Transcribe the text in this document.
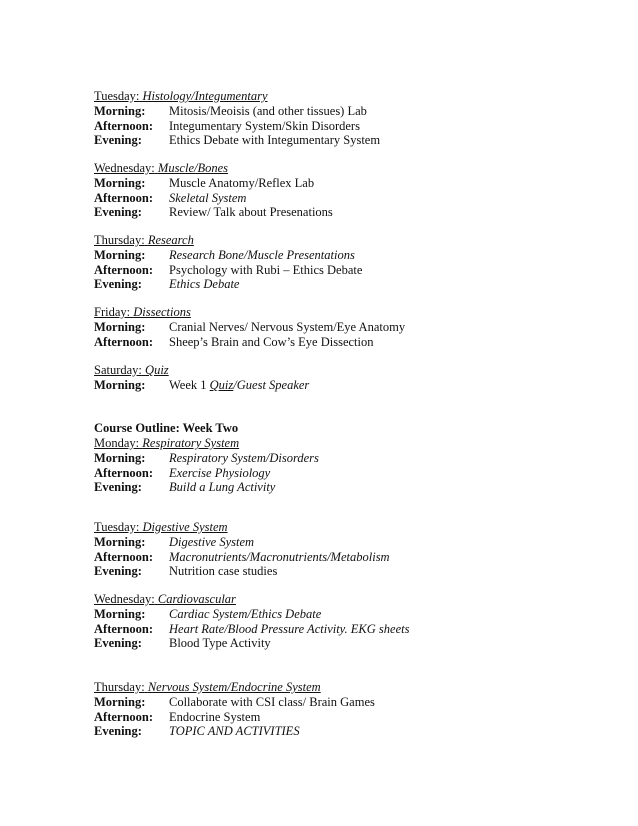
Tuesday: Histology/Integumentary
Morning:	Mitosis/Meoisis (and other tissues) Lab
Afternoon:	Integumentary System/Skin Disorders
Evening:	Ethics Debate with Integumentary System
Wednesday: Muscle/Bones
Morning:	Muscle Anatomy/Reflex Lab
Afternoon:	Skeletal System
Evening:	Review/ Talk about Presenations
Thursday: Research
Morning:	Research Bone/Muscle Presentations
Afternoon:	Psychology with Rubi – Ethics Debate
Evening:	Ethics Debate
Friday: Dissections
Morning:	Cranial Nerves/ Nervous System/Eye Anatomy
Afternoon:	Sheep’s Brain and Cow’s Eye Dissection
Saturday: Quiz
Morning:	Week 1 Quiz/Guest Speaker
Course Outline: Week Two
Monday: Respiratory System
Morning:	Respiratory System/Disorders
Afternoon:	Exercise Physiology
Evening:	Build a Lung Activity
Tuesday: Digestive System
Morning:	Digestive System
Afternoon:	Macronutrients/Macronutrients/Metabolism
Evening:	Nutrition case studies
Wednesday: Cardiovascular
Morning:	Cardiac System/Ethics Debate
Afternoon:	Heart Rate/Blood Pressure Activity. EKG sheets
Evening:	Blood Type Activity
Thursday: Nervous System/Endocrine System
Morning:	Collaborate with CSI class/ Brain Games
Afternoon:	Endocrine System
Evening:	TOPIC AND ACTIVITIES
